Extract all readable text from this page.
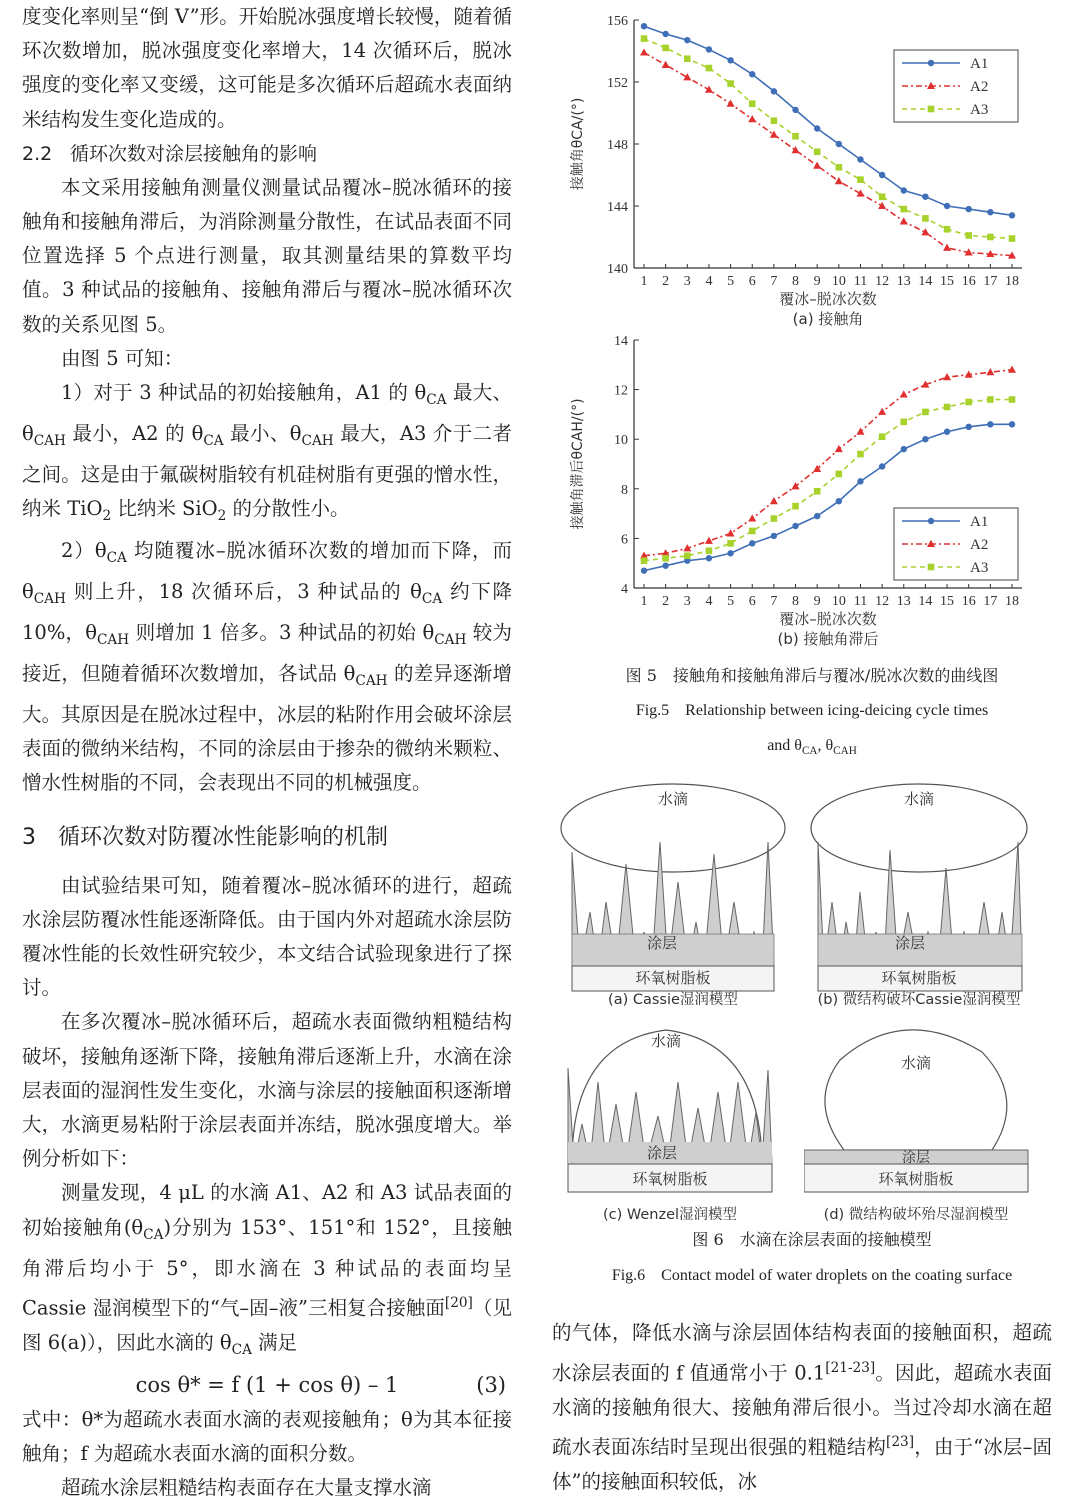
度变化率则呈“倒 V”形。开始脱冰强度增长较慢，随着循环次数增加，脱冰强度变化率增大，14 次循环后，脱冰强度的变化率又变缓，这可能是多次循环后超疏水表面纳米结构发生变化造成的。

2.2 循环次数对涂层接触角的影响

本文采用接触角测量仪测量试品覆冰–脱冰循环的接触角和接触角滞后，为消除测量分散性，在试品表面不同位置选择 5 个点进行测量，取其测量结果的算数平均值。3 种试品的接触角、接触角滞后与覆冰–脱冰循环次数的关系见图 5。

由图 5 可知：

1）对于 3 种试品的初始接触角，A1 的 $\theta_{CA}$ 最大、$\theta_{CAH}$ 最小，A2 的 $\theta_{CA}$ 最小、$\theta_{CAH}$ 最大，A3 介于二者之间。这是由于氟碳树脂较有机硅树脂有更强的憎水性，纳米 TiO$_2$ 比纳米 SiO$_2$ 的分散性小。

$2)\theta_{CA}$ 均随覆冰–脱冰循环次数的增加而下降，而 $\theta_{CAH}$ 则上升，18 次循环后，3 种试品的 $\theta_{CA}$ 约下降 10%，$\theta_{CAH}$ 则增加 1 倍多。3 种试品的初始 $\theta_{CAH}$ 较为接近，但随着循环次数增加，各试品 $\theta_{CAH}$ 的差异逐渐增大。其原因是在脱冰过程中，冰层的粘附作用会破坏涂层表面的微纳米结构，不同的涂层由于掺杂的微纳米颗粒、憎水性树脂的不同，会表现出不同的机械强度。

3 循环次数对防覆冰性能影响的机制

由试验结果可知，随着覆冰–脱冰循环的进行，超疏水涂层防覆冰性能逐渐降低。由于国内外对超疏水涂层防覆冰性能的长效性研究较少，本文结合试验现象进行了探讨。

在多次覆冰–脱冰循环后，超疏水表面微纳粗糙结构破坏，接触角逐渐下降，接触角滞后逐渐上升，水滴在涂层表面的湿润性发生变化，水滴与涂层的接触面积逐渐增大，水滴更易粘附于涂层表面并冻结，脱冰强度增大。举例分析如下：

测量发现，4 μL 的水滴 A1、A2 和 A3 试品表面的初始接触角$(\theta_{CA})$分别为 153°、151°和 152°，且接触角滞后均小于 5°，即水滴在 3 种试品的表面均呈 Cassie 湿润模型下的“气–固–液”三相复合接触面[20]（见图 6(a)），因此水滴的 $\theta_{CA}$ 满足

cos θ* = f (1 + cos θ) – 1	(3)

式中：θ*为超疏水表面水滴的表观接触角；θ为其本征接触角；f 为超疏水表面水滴的面积分数。

超疏水涂层粗糙结构表面存在大量支撑水滴

140
144
148
152
156
1 2 3 4 5 6 7 8 9 10 11 12 13 14 15 16 17 18
覆冰–脱冰次数
(a) 接触角
接触角θCA/(°)
A1
A2
A3
4
6
8
10
12
14
1 2 3 4 5 6 7 8 9 10 11 12 13 14 15 16 17 18
覆冰–脱冰次数
(b) 接触角滞后
接触角滞后θCAH/(°)	A1
A2
A3
图 5　接触角和接触角滞后与覆冰/脱冰次数的曲线图
Fig.5　Relationship between icing-deicing cycle times
and $\theta_{CA}$, $\theta_{CAH}$
水滴
涂层
环氧树脂板
(a) Cassie湿润模型
水滴
涂层
环氧树脂板
(b) 微结构破坏Cassie湿润模型
水滴
涂层
环氧树脂板
(c) Wenzel湿润模型
水滴
涂层
环氧树脂板
(d) 微结构破坏殆尽湿润模型
图 6　水滴在涂层表面的接触模型
Fig.6　Contact model of water droplets on the coating surface

的气体，降低水滴与涂层固体结构表面的接触面积，超疏水涂层表面的 f 值通常小于 0.1[21-23]。因此，超疏水表面水滴的接触角很大、接触角滞后很小。当过冷却水滴在超疏水表面冻结时呈现出很强的粗糙结构[23]，由于“冰层–固体”的接触面积较低，冰
